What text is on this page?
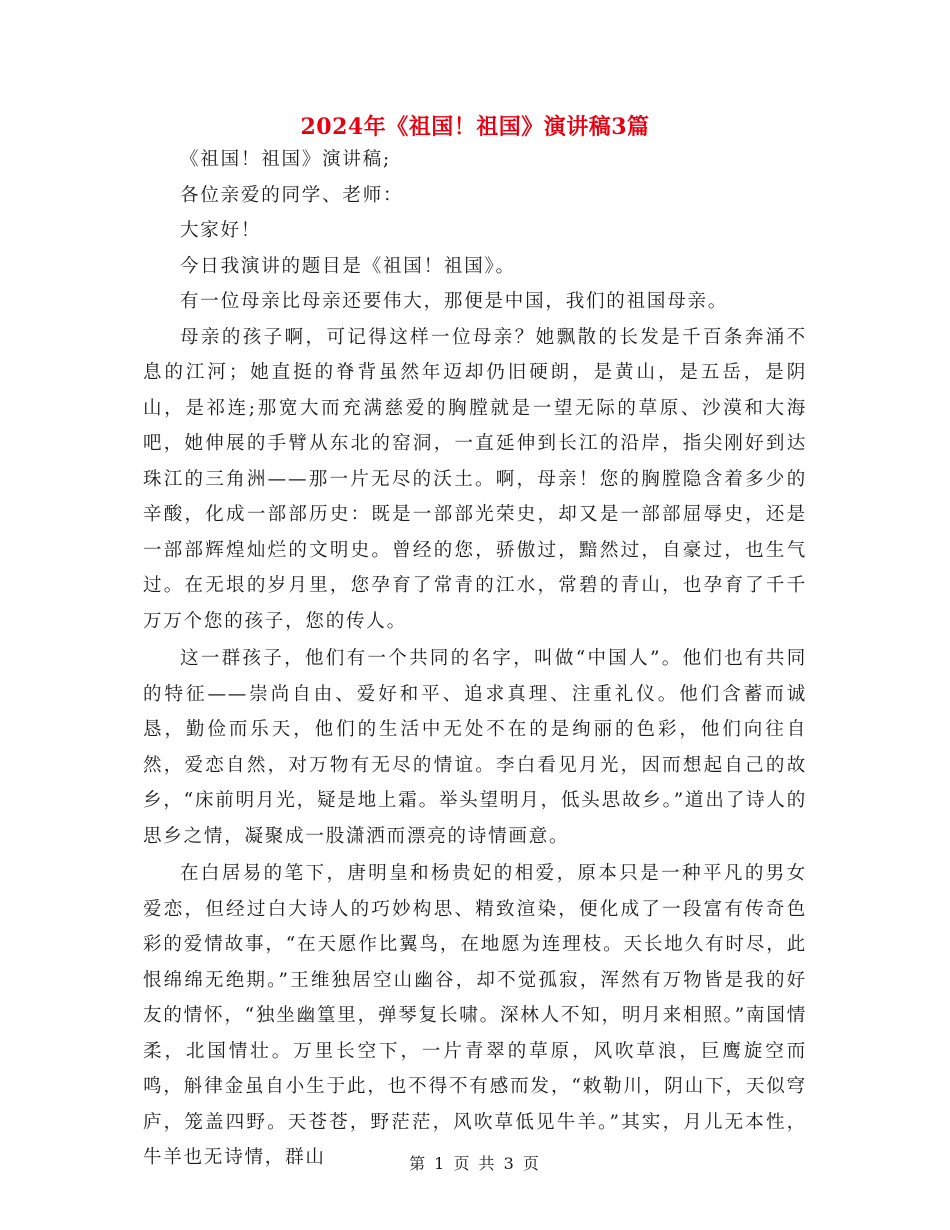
2024年《祖国！祖国》演讲稿3篇

《祖国！祖国》演讲稿;

各位亲爱的同学、老师：

大家好！

今日我演讲的题目是《祖国！祖国》。

有一位母亲比母亲还要伟大，那便是中国，我们的祖国母亲。

母亲的孩子啊，可记得这样一位母亲？她飘散的长发是千百条奔涌不息的江河；她直挺的脊背虽然年迈却仍旧硬朗，是黄山，是五岳，是阴山，是祁连;那宽大而充满慈爱的胸膛就是一望无际的草原、沙漠和大海吧，她伸展的手臂从东北的窑洞，一直延伸到长江的沿岸，指尖刚好到达珠江的三角洲——那一片无尽的沃土。啊，母亲！您的胸膛隐含着多少的辛酸，化成一部部历史：既是一部部光荣史，却又是一部部屈辱史，还是一部部辉煌灿烂的文明史。曾经的您，骄傲过，黯然过，自豪过，也生气过。在无垠的岁月里，您孕育了常青的江水，常碧的青山，也孕育了千千万万个您的孩子，您的传人。

这一群孩子，他们有一个共同的名字，叫做“中国人”。他们也有共同的特征——崇尚自由、爱好和平、追求真理、注重礼仪。他们含蓄而诚恳，勤俭而乐天，他们的生活中无处不在的是绚丽的色彩，他们向往自然，爱恋自然，对万物有无尽的情谊。李白看见月光，因而想起自己的故乡，“床前明月光，疑是地上霜。举头望明月，低头思故乡。”道出了诗人的思乡之情，凝聚成一股潇洒而漂亮的诗情画意。

在白居易的笔下，唐明皇和杨贵妃的相爱，原本只是一种平凡的男女爱恋，但经过白大诗人的巧妙构思、精致渲染，便化成了一段富有传奇色彩的爱情故事，“在天愿作比翼鸟，在地愿为连理枝。天长地久有时尽，此恨绵绵无绝期。”王维独居空山幽谷，却不觉孤寂，浑然有万物皆是我的好友的情怀，“独坐幽篁里，弹琴复长啸。深林人不知，明月来相照。”南国情柔，北国情壮。万里长空下，一片青翠的草原，风吹草浪，巨鹰旋空而鸣，斛律金虽自小生于此，也不得不有感而发，“敕勒川，阴山下，天似穹庐，笼盖四野。天苍苍，野茫茫，风吹草低见牛羊。”其实，月儿无本性，牛羊也无诗情，群山	第 1 页 共 3 页
